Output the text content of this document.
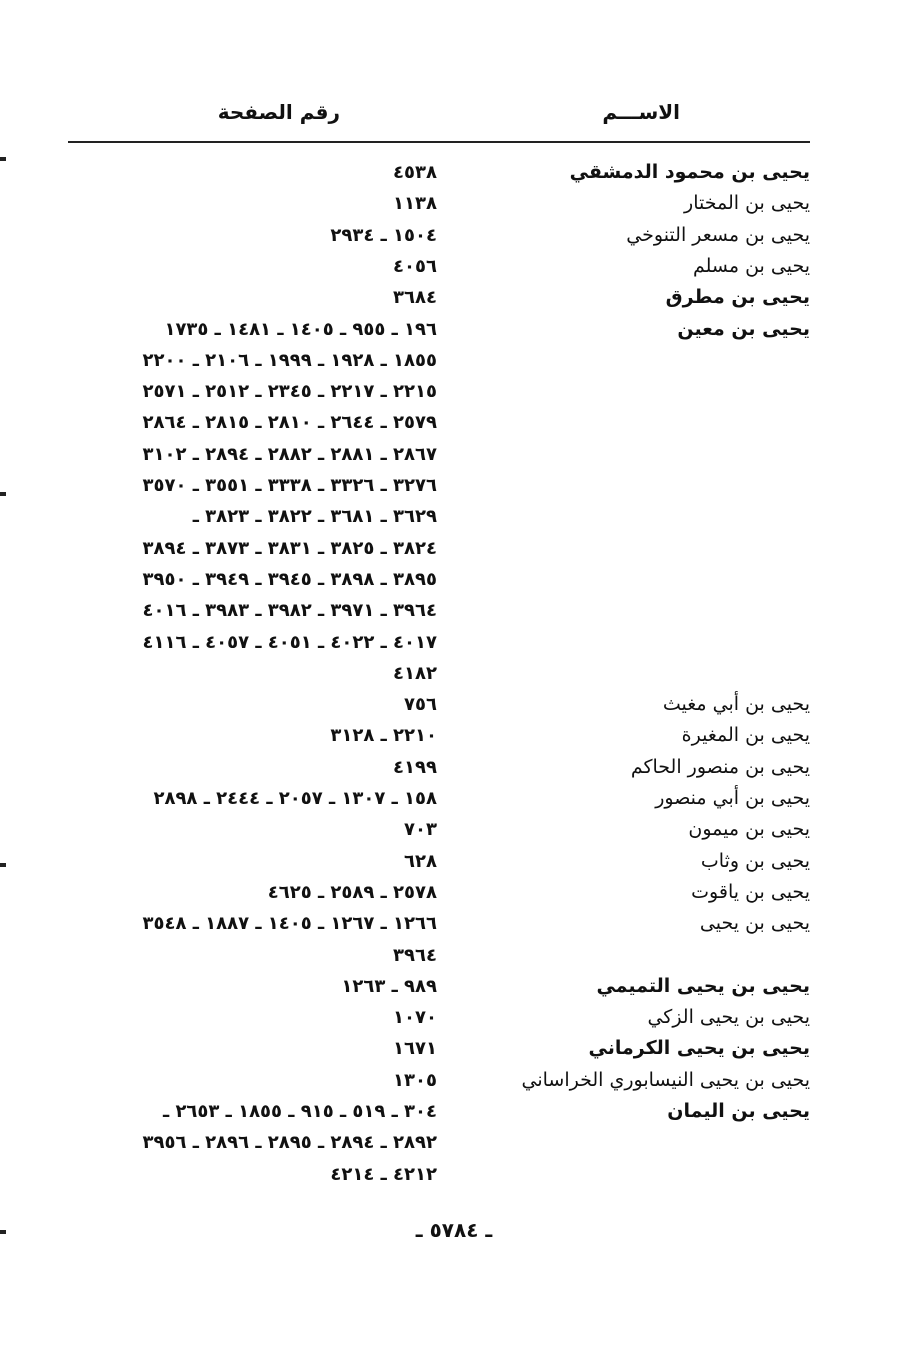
الاســـم
رقم الصفحة
يحيى بن محمود الدمشقي
٤٥٣٨
يحيى بن المختار
١١٣٨
يحيى بن مسعر التنوخي
١٥٠٤ ـ ٢٩٣٤
يحيى بن مسلم
٤٠٥٦
يحيى بن مطرق
٣٦٨٤
يحيى بن معين
١٩٦ ـ ٩٥٥ ـ ١٤٠٥ ـ ١٤٨١ ـ ١٧٣٥
١٨٥٥ ـ ١٩٢٨ ـ ١٩٩٩ ـ ٢١٠٦ ـ ٢٢٠٠
٢٢١٥ ـ ٢٢١٧ ـ ٢٣٤٥ ـ ٢٥١٢ ـ ٢٥٧١
٢٥٧٩ ـ ٢٦٤٤ ـ ٢٨١٠ ـ ٢٨١٥ ـ ٢٨٦٤
٢٨٦٧ ـ ٢٨٨١ ـ ٢٨٨٢ ـ ٢٨٩٤ ـ ٣١٠٢
٣٢٧٦ ـ ٣٣٢٦ ـ ٣٣٣٨ ـ ٣٥٥١ ـ ٣٥٧٠
٣٦٢٩ ـ ٣٦٨١ ـ ٣٨٢٢ ـ ٣٨٢٣ ـ
٣٨٢٤ ـ ٣٨٢٥ ـ ٣٨٣١ ـ ٣٨٧٣ ـ ٣٨٩٤
٣٨٩٥ ـ ٣٨٩٨ ـ ٣٩٤٥ ـ ٣٩٤٩ ـ ٣٩٥٠
٣٩٦٤ ـ ٣٩٧١ ـ ٣٩٨٢ ـ ٣٩٨٣ ـ ٤٠١٦
٤٠١٧ ـ ٤٠٢٢ ـ ٤٠٥١ ـ ٤٠٥٧ ـ ٤١١٦
٤١٨٢
يحيى بن أبي مغيث
٧٥٦
يحيى بن المغيرة
٢٢١٠ ـ ٣١٢٨
يحيى بن منصور الحاكم
٤١٩٩
يحيى بن أبي منصور
١٥٨ ـ ١٣٠٧ ـ ٢٠٥٧ ـ ٢٤٤٤ ـ ٢٨٩٨
يحيى بن ميمون
٧٠٣
يحيى بن وثاب
٦٢٨
يحيى بن ياقوت
٢٥٧٨ ـ ٢٥٨٩ ـ ٤٦٢٥
يحيى بن يحيى
١٢٦٦ ـ ١٢٦٧ ـ ١٤٠٥ ـ ١٨٨٧ ـ ٣٥٤٨
٣٩٦٤
يحيى بن يحيى التميمي
٩٨٩ ـ ١٢٦٣
يحيى بن يحيى الزكي
١٠٧٠
يحيى بن يحيى الكرماني
١٦٧١
يحيى بن يحيى النيسابوري الخراساني
١٣٠٥
يحيى بن اليمان
٣٠٤ ـ ٥١٩ ـ ٩١٥ ـ ١٨٥٥ ـ ٢٦٥٣ ـ
٢٨٩٢ ـ ٢٨٩٤ ـ ٢٨٩٥ ـ ٢٨٩٦ ـ ٣٩٥٦
٤٢١٢ ـ ٤٢١٤
ـ ٥٧٨٤ ـ
